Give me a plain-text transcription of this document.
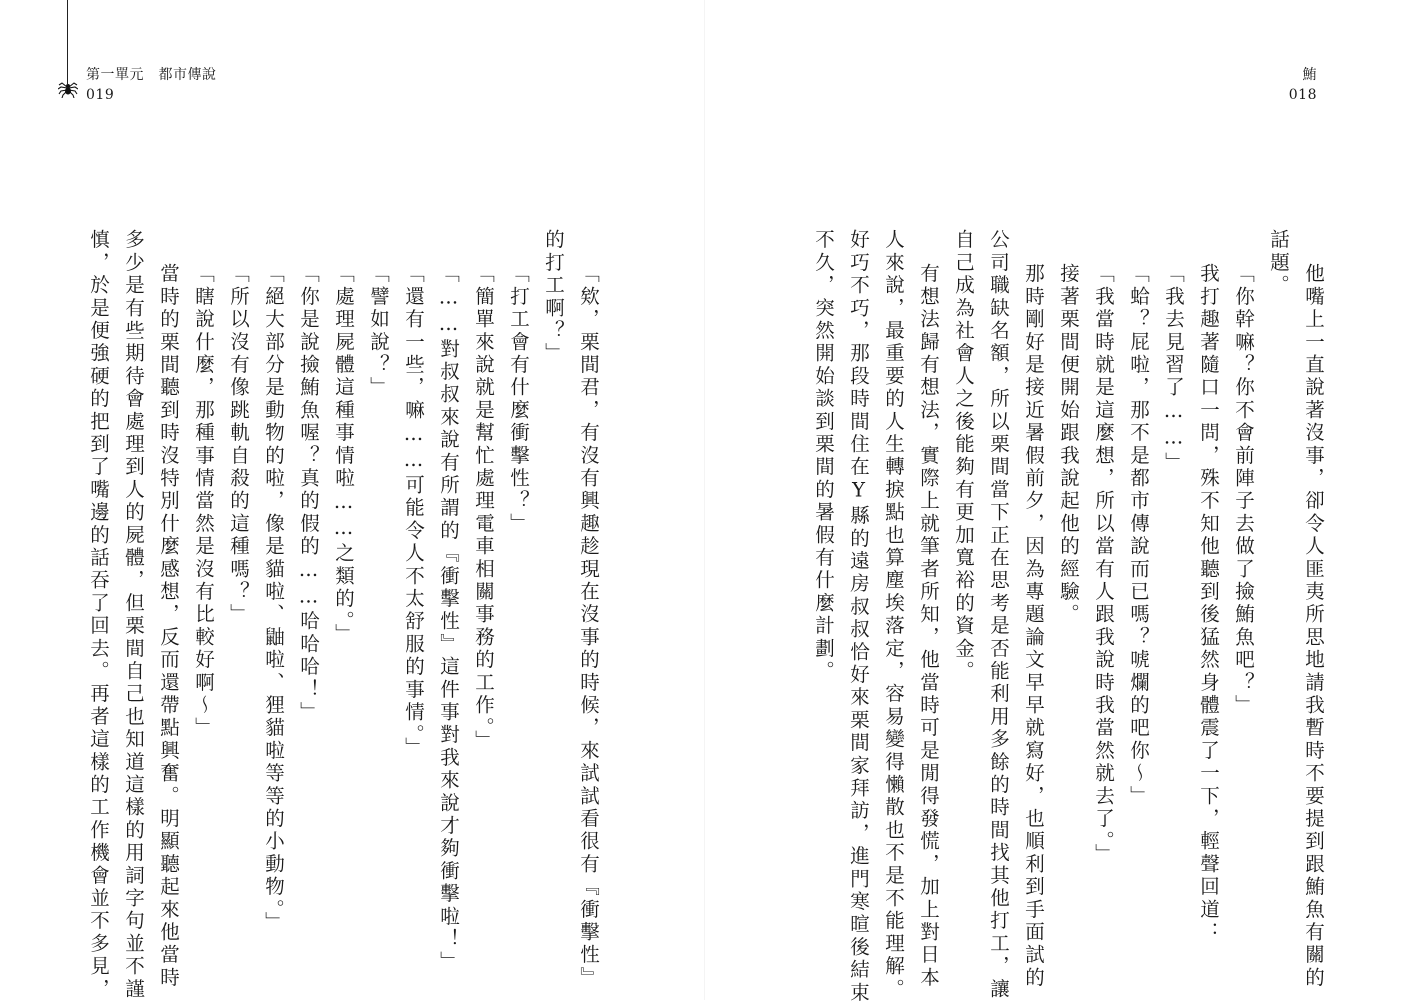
第一單元　都市傳說
019
鮪
018
他嘴上一直說著沒事，卻令人匪夷所思地請我暫時不要提到跟鮪魚有關的
話題。
「你幹嘛？你不會前陣子去做了撿鮪魚吧？」
我打趣著隨口一問，殊不知他聽到後猛然身體震了一下，輕聲回道：
「我去見習了……」
「蛤？屁啦，那不是都市傳說而已嗎？唬爛的吧你～」
「我當時就是這麼想，所以當有人跟我說時我當然就去了。」
接著栗間便開始跟我說起他的經驗。
那時剛好是接近暑假前夕，因為專題論文早早就寫好，也順利到手面試的
公司職缺名額，所以栗間當下正在思考是否能利用多餘的時間找其他打工，讓
自己成為社會人之後能夠有更加寬裕的資金。
有想法歸有想法，實際上就筆者所知，他當時可是閒得發慌，加上對日本
人來說，最重要的人生轉捩點也算塵埃落定，容易變得懶散也不是不能理解。
好巧不巧，那段時間住在Y縣的遠房叔叔恰好來栗間家拜訪，進門寒暄後結束
不久，突然開始談到栗間的暑假有什麼計劃。
「欸，栗間君，有沒有興趣趁現在沒事的時候，來試試看很有『衝擊性』
的打工啊？」
「打工會有什麼衝擊性？」
「簡單來說就是幫忙處理電車相關事務的工作。」
「……對叔叔來說有所謂的『衝擊性』這件事對我來說才夠衝擊啦！」
「還有一些，嘛……可能令人不太舒服的事情。」
「譬如說？」
「處理屍體這種事情啦……之類的。」
「你是說撿鮪魚喔？真的假的……哈哈哈！」
「絕大部分是動物的啦，像是貓啦、鼬啦、狸貓啦等等的小動物。」
「所以沒有像跳軌自殺的這種嗎？」
「瞎說什麼，那種事情當然是沒有比較好啊～」
當時的栗間聽到時沒特別什麼感想，反而還帶點興奮。明顯聽起來他當時
多少是有些期待會處理到人的屍體，但栗間自己也知道這樣的用詞字句並不謹
慎，於是便強硬的把到了嘴邊的話吞了回去。再者這樣的工作機會並不多見，
